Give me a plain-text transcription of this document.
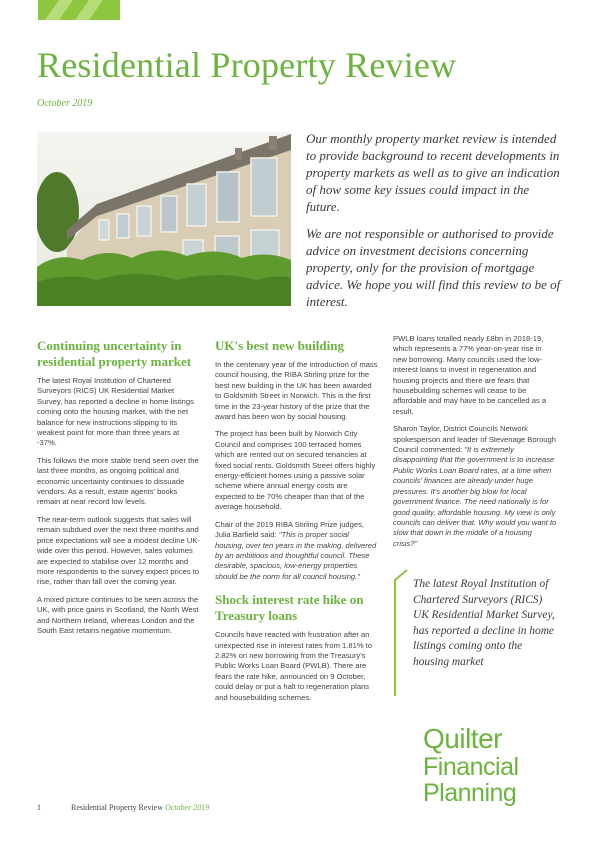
Residential Property Review
October 2019

Our monthly property market review is intended to provide background to recent developments in property markets as well as to give an indication of how some key issues could impact in the future.

We are not responsible or authorised to provide advice on investment decisions concerning property, only for the provision of mortgage advice. We hope you will find this review to be of interest.

Continuing uncertainty in residential property market

The latest Royal Institution of Chartered Surveyors (RICS) UK Residential Market Survey, has reported a decline in home listings coming onto the housing market, with the net balance for new instructions slipping to its weakest point for more than three years at -37%.

This follows the more stable trend seen over the last three months, as ongoing political and economic uncertainty continues to dissuade vendors. As a result, estate agents' books remain at near record low levels.

The near-term outlook suggests that sales will remain subdued over the next three months and price expectations will see a modest decline UK-wide over this period. However, sales volumes are expected to stabilise over 12 months and more respondents to the survey expect prices to rise, rather than fall over the coming year.

A mixed picture continues to be seen across the UK, with price gains in Scotland, the North West and Northern Ireland, whereas London and the South East retains negative momentum.

UK's best new building

In the centenary year of the introduction of mass council housing, the RIBA Stirling prize for the best new building in the UK has been awarded to Goldsmith Street in Norwich. This is the first time in the 23-year history of the prize that the award has been won by social housing.

The project has been built by Norwich City Council and comprises 100 terraced homes which are rented out on secured tenancies at fixed social rents. Goldsmith Street offers highly energy-efficient homes using a passive solar scheme where annual energy costs are expected to be 70% cheaper than that of the average household.

Chair of the 2019 RIBA Stirling Prize judges, Julia Barfield said: "This is proper social housing, over ten years in the making, delivered by an ambitious and thoughtful council. These desirable, spacious, low-energy properties should be the norm for all council housing."

Shock interest rate hike on Treasury loans

Councils have reacted with frustration after an unexpected rise in interest rates from 1.81% to 2.82% on new borrowing from the Treasury's Public Works Loan Board (PWLB). There are fears the rate hike, announced on 9 October, could delay or put a halt to regeneration plans and housebuilding schemes.

PWLB loans totalled nearly £8bn in 2018-19, which represents a 77% year-on-year rise in new borrowing. Many councils used the low-interest loans to invest in regeneration and housing projects and there are fears that housebuilding schemes will cease to be affordable and may have to be cancelled as a result.

Sharon Taylor, District Councils Network spokesperson and leader of Stevenage Borough Council commented: "It is extremely disappointing that the government is to increase Public Works Loan Board rates, at a time when councils' finances are already under huge pressures. It's another big blow for local government finance. The need nationally is for good quality, affordable housing. My view is only councils can deliver that. Why would you want to slow that down in the middle of a housing crisis?"

The latest Royal Institution of Chartered Surveyors (RICS) UK Residential Market Survey, has reported a decline in home listings coming onto the housing market
Quilter
Financial
Planning
1	Residential Property Review October 2019
